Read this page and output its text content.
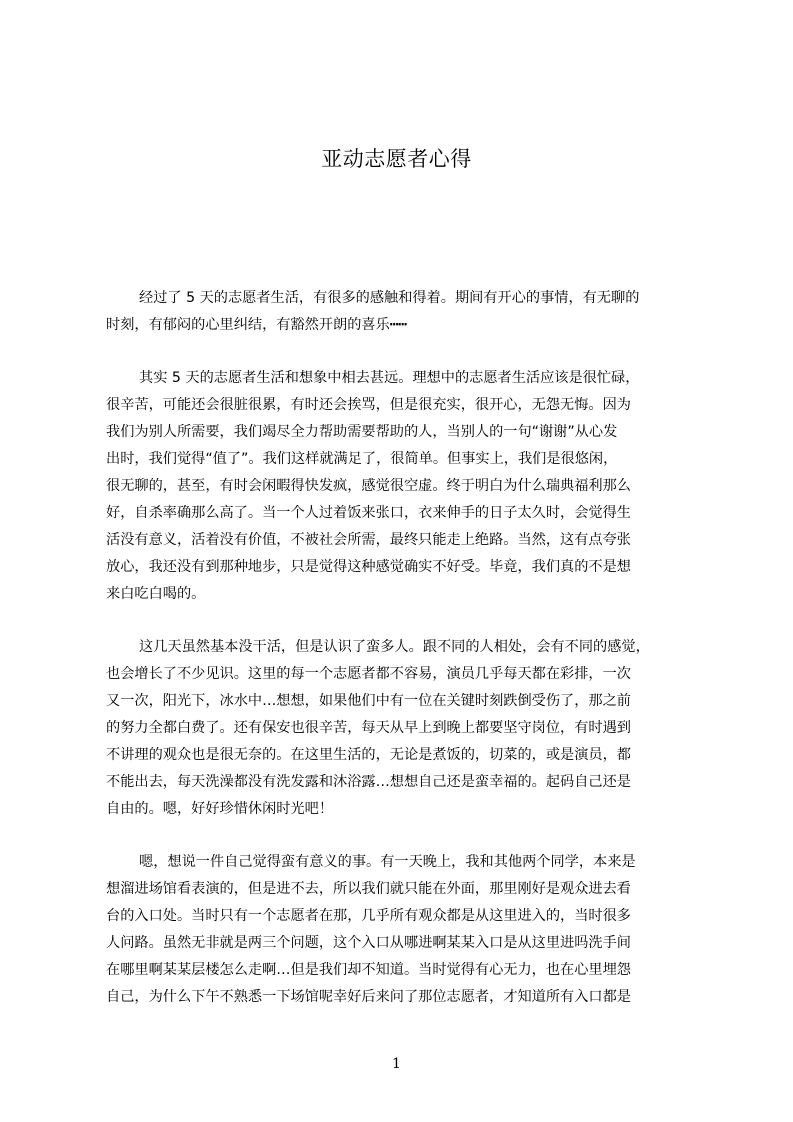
亚动志愿者心得
经过了 5 天的志愿者生活，有很多的感触和得着。期间有开心的事情，有无聊的
时刻，有郁闷的心里纠结，有豁然开朗的喜乐┅┅
其实 5 天的志愿者生活和想象中相去甚远。理想中的志愿者生活应该是很忙碌，
很辛苦，可能还会很脏很累，有时还会挨骂，但是很充实，很开心，无怨无悔。因为
我们为别人所需要，我们竭尽全力帮助需要帮助的人，当别人的一句“谢谢”从心发
出时，我们觉得“值了”。我们这样就满足了，很简单。但事实上，我们是很悠闲，
很无聊的，甚至，有时会闲暇得快发疯，感觉很空虚。终于明白为什么瑞典福利那么
好，自杀率确那么高了。当一个人过着饭来张口，衣来伸手的日子太久时，会觉得生
活没有意义，活着没有价值，不被社会所需，最终只能走上绝路。当然，这有点夸张
放心，我还没有到那种地步，只是觉得这种感觉确实不好受。毕竟，我们真的不是想
来白吃白喝的。
这几天虽然基本没干活，但是认识了蛮多人。跟不同的人相处，会有不同的感觉，
也会增长了不少见识。这里的每一个志愿者都不容易，演员几乎每天都在彩排，一次
又一次，阳光下，冰水中…想想，如果他们中有一位在关键时刻跌倒受伤了，那之前
的努力全都白费了。还有保安也很辛苦，每天从早上到晚上都要坚守岗位，有时遇到
不讲理的观众也是很无奈的。在这里生活的，无论是煮饭的，切菜的，或是演员，都
不能出去，每天洗澡都没有洗发露和沐浴露…想想自己还是蛮幸福的。起码自己还是
自由的。嗯，好好珍惜休闲时光吧！
嗯，想说一件自己觉得蛮有意义的事。有一天晚上，我和其他两个同学，本来是
想溜进场馆看表演的，但是进不去，所以我们就只能在外面，那里刚好是观众进去看
台的入口处。当时只有一个志愿者在那，几乎所有观众都是从这里进入的，当时很多
人问路。虽然无非就是两三个问题，这个入口从哪进啊某某入口是从这里进吗洗手间
在哪里啊某某层楼怎么走啊…但是我们却不知道。当时觉得有心无力，也在心里埋怨
自己，为什么下午不熟悉一下场馆呢幸好后来问了那位志愿者，才知道所有入口都是
1
